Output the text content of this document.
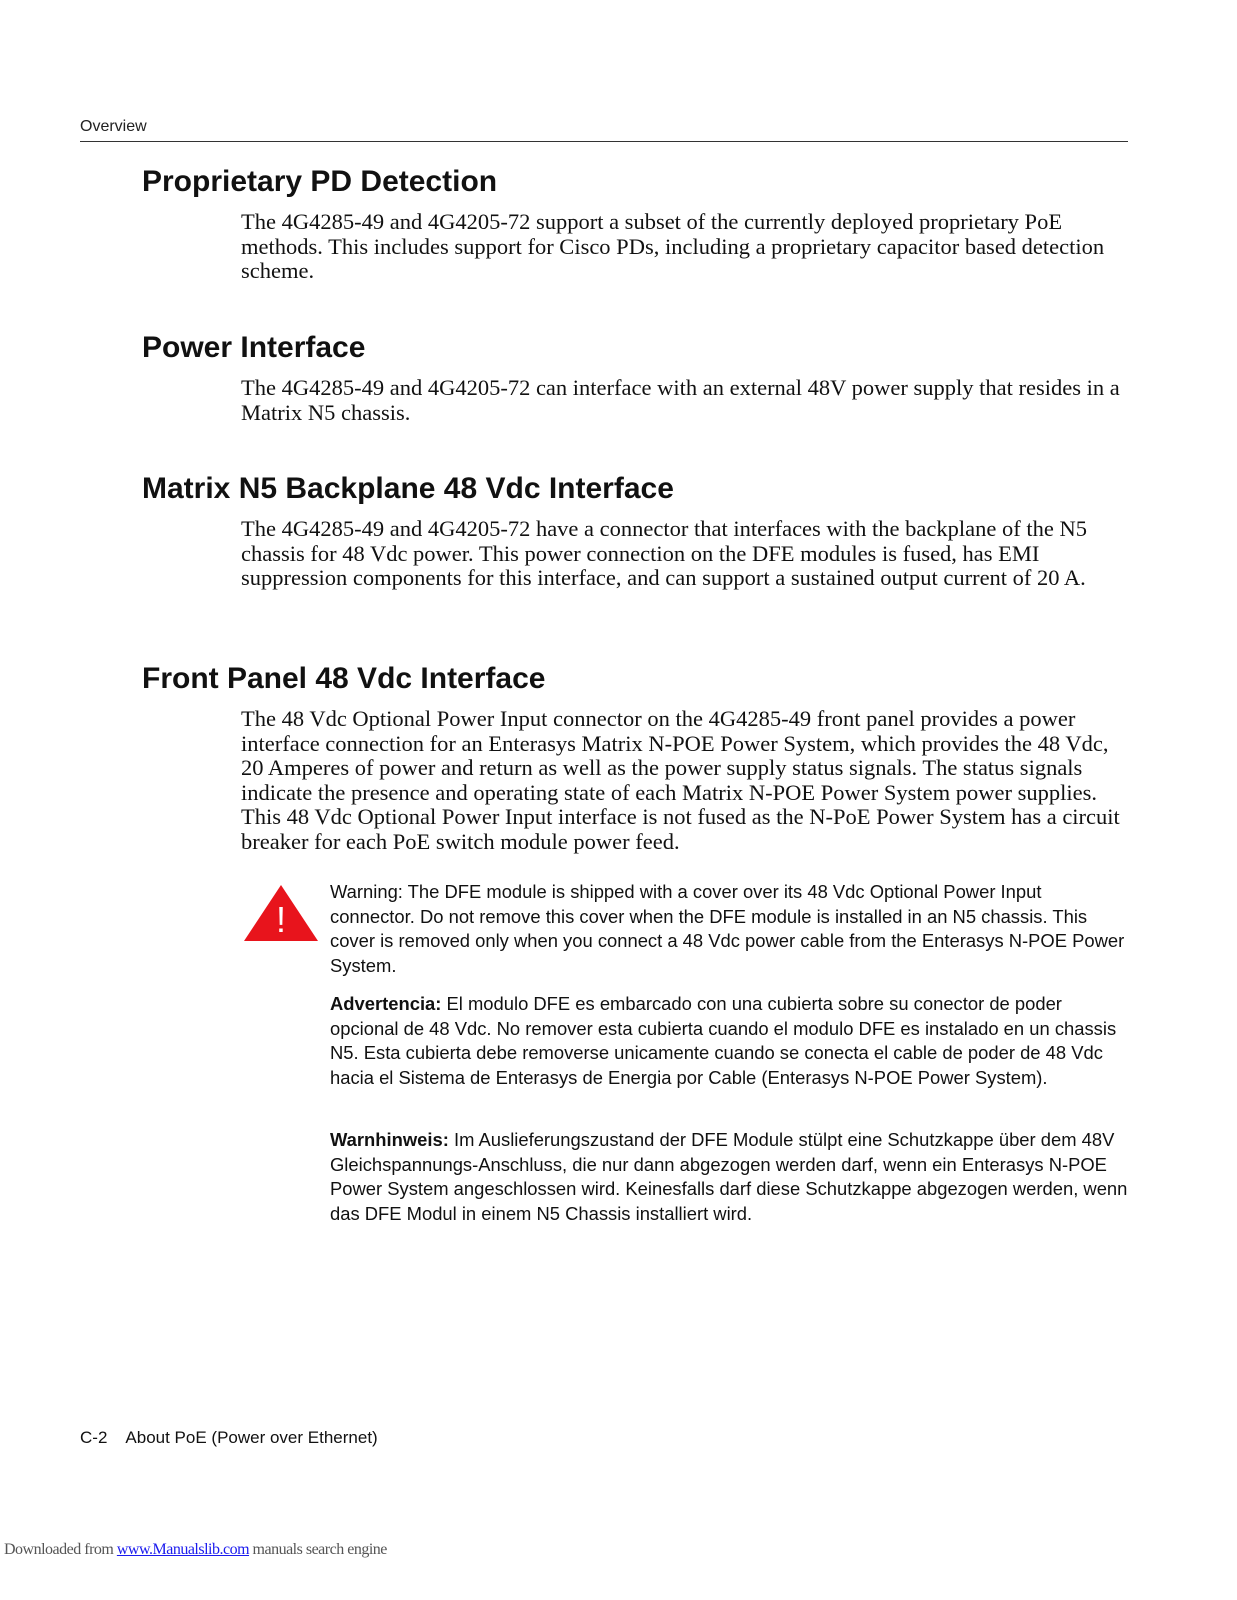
Overview
Proprietary PD Detection

The 4G4285-49 and 4G4205-72 support a subset of the currently deployed proprietary PoE methods. This includes support for Cisco PDs, including a proprietary capacitor based detection scheme.

Power Interface

The 4G4285-49 and 4G4205-72 can interface with an external 48V power supply that resides in a Matrix N5 chassis.

Matrix N5 Backplane 48 Vdc Interface

The 4G4285-49 and 4G4205-72 have a connector that interfaces with the backplane of the N5 chassis for 48 Vdc power. This power connection on the DFE modules is fused, has EMI suppression components for this interface, and can support a sustained output current of 20 A.

Front Panel 48 Vdc Interface

The 48 Vdc Optional Power Input connector on the 4G4285-49 front panel provides a power interface connection for an Enterasys Matrix N-POE Power System, which provides the 48 Vdc, 20 Amperes of power and return as well as the power supply status signals. The status signals indicate the presence and operating state of each Matrix N-POE Power System power supplies. This 48 Vdc Optional Power Input interface is not fused as the N-PoE Power System has a circuit breaker for each PoE switch module power feed.

!

Warning: The DFE module is shipped with a cover over its 48 Vdc Optional Power Input connector. Do not remove this cover when the DFE module is installed in an N5 chassis. This cover is removed only when you connect a 48 Vdc power cable from the Enterasys N-POE Power System.

Advertencia: El modulo DFE es embarcado con una cubierta sobre su conector de poder opcional de 48 Vdc. No remover esta cubierta cuando el modulo DFE es instalado en un chassis N5. Esta cubierta debe removerse unicamente cuando se conecta el cable de poder de 48 Vdc hacia el Sistema de Enterasys de Energia por Cable (Enterasys N-POE Power System).

Warnhinweis: Im Auslieferungszustand der DFE Module stülpt eine Schutzkappe über dem 48V Gleichspannungs-Anschluss, die nur dann abgezogen werden darf, wenn ein Enterasys N-POE Power System angeschlossen wird. Keinesfalls darf diese Schutzkappe abgezogen werden, wenn das DFE Modul in einem N5 Chassis installiert wird.

C-2 About PoE (Power over Ethernet)
Downloaded from www.Manualslib.com manuals search engine
